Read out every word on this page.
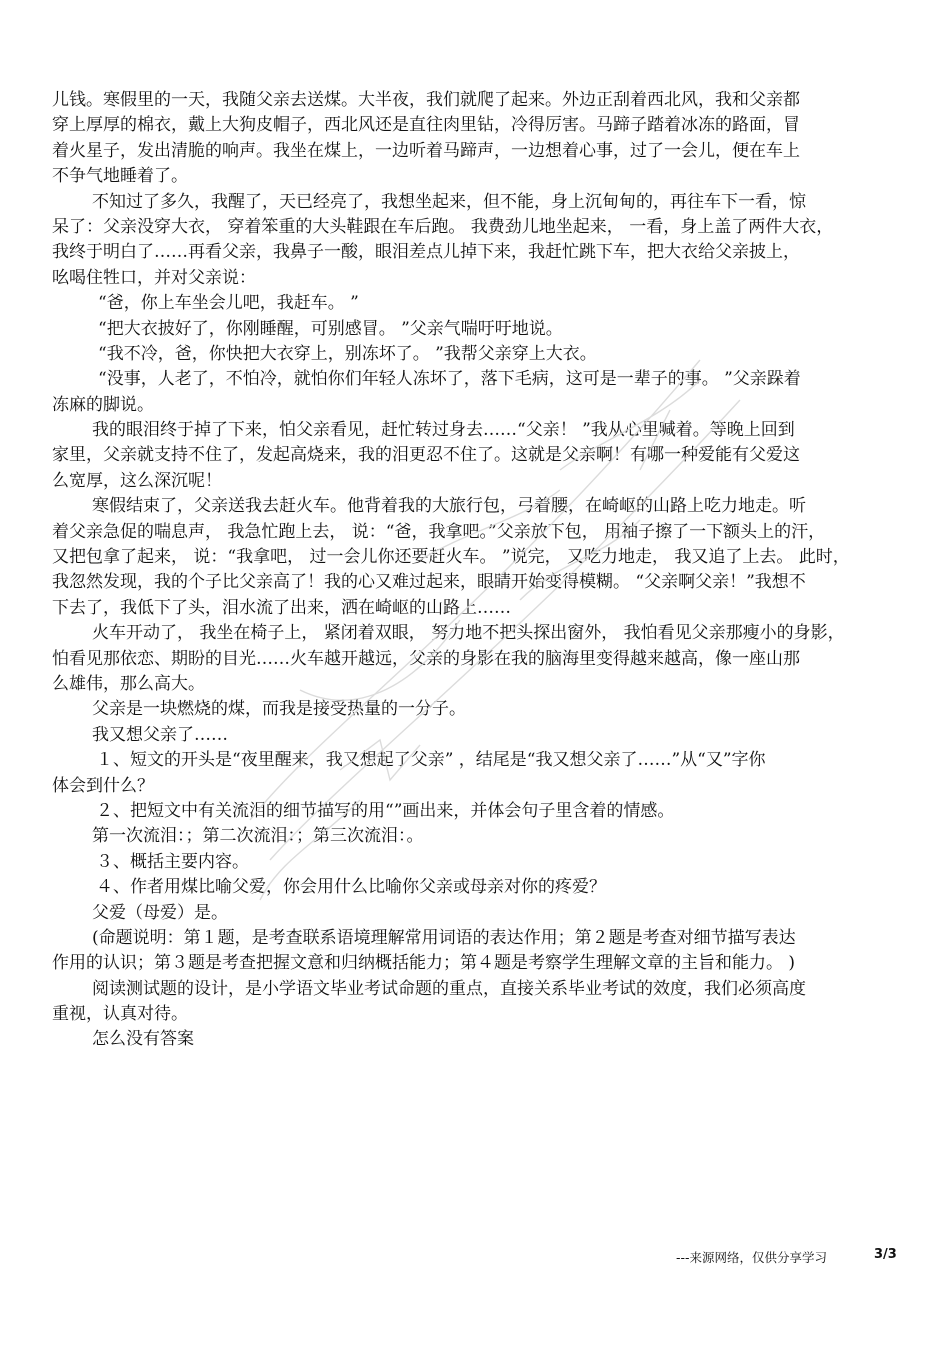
儿钱。寒假里的一天，我随父亲去送煤。大半夜，我们就爬了起来。外边正刮着西北风，我和父亲都
穿上厚厚的棉衣，戴上大狗皮帽子，西北风还是直往肉里钻，冷得厉害。马蹄子踏着冰冻的路面，冒
着火星子，发出清脆的响声。我坐在煤上，一边听着马蹄声，一边想着心事，过了一会儿，便在车上
不争气地睡着了。
不知过了多久，我醒了，天已经亮了，我想坐起来，但不能，身上沉甸甸的，再往车下一看，惊
呆了：父亲没穿大衣， 穿着笨重的大头鞋跟在车后跑。 我费劲儿地坐起来， 一看，身上盖了两件大衣，
我终于明白了……再看父亲，我鼻子一酸，眼泪差点儿掉下来，我赶忙跳下车，把大衣给父亲披上，
吆喝住牲口，并对父亲说：
“爸，你上车坐会儿吧，我赶车。 ”
“把大衣披好了，你刚睡醒，可别感冒。 ”父亲气喘吁吁地说。
“我不冷，爸，你快把大衣穿上，别冻坏了。 ”我帮父亲穿上大衣。
“没事，人老了，不怕冷，就怕你们年轻人冻坏了，落下毛病，这可是一辈子的事。 ”父亲跺着
冻麻的脚说。
我的眼泪终于掉了下来，怕父亲看见，赶忙转过身去……“父亲！ ”我从心里喊着。等晚上回到
家里，父亲就支持不住了，发起高烧来，我的泪更忍不住了。这就是父亲啊！有哪一种爱能有父爱这
么宽厚，这么深沉呢！
寒假结束了，父亲送我去赶火车。他背着我的大旅行包，弓着腰，在崎岖的山路上吃力地走。听
着父亲急促的喘息声， 我急忙跑上去， 说：“爸，我拿吧。”父亲放下包， 用袖子擦了一下额头上的汗，
又把包拿了起来， 说：“我拿吧， 过一会儿你还要赶火车。 ”说完， 又吃力地走， 我又追了上去。 此时，
我忽然发现，我的个子比父亲高了！我的心又难过起来，眼睛开始变得模糊。 “父亲啊父亲！”我想不
下去了，我低下了头，泪水流了出来，洒在崎岖的山路上……
火车开动了， 我坐在椅子上， 紧闭着双眼， 努力地不把头探出窗外， 我怕看见父亲那瘦小的身影，
怕看见那依恋、期盼的目光……火车越开越远，父亲的身影在我的脑海里变得越来越高，像一座山那
么雄伟，那么高大。
父亲是一块燃烧的煤，而我是接受热量的一分子。
我又想父亲了……
１、短文的开头是“夜里醒来，我又想起了父亲” ，结尾是“我又想父亲了……”从“又”字你
体会到什么？
２、把短文中有关流泪的细节描写的用“”画出来，并体会句子里含着的情感。
第一次流泪：；第二次流泪：；第三次流泪：。
３、概括主要内容。
４、作者用煤比喻父爱，你会用什么比喻你父亲或母亲对你的疼爱？
父爱（母爱）是。
(命题说明：第１题，是考查联系语境理解常用词语的表达作用；第２题是考查对细节描写表达
作用的认识；第３题是考查把握文意和归纳概括能力；第４题是考察学生理解文章的主旨和能力。 )
阅读测试题的设计，是小学语文毕业考试命题的重点，直接关系毕业考试的效度，我们必须高度
重视，认真对待。
怎么没有答案
---来源网络，仅供分享学习	3/3
